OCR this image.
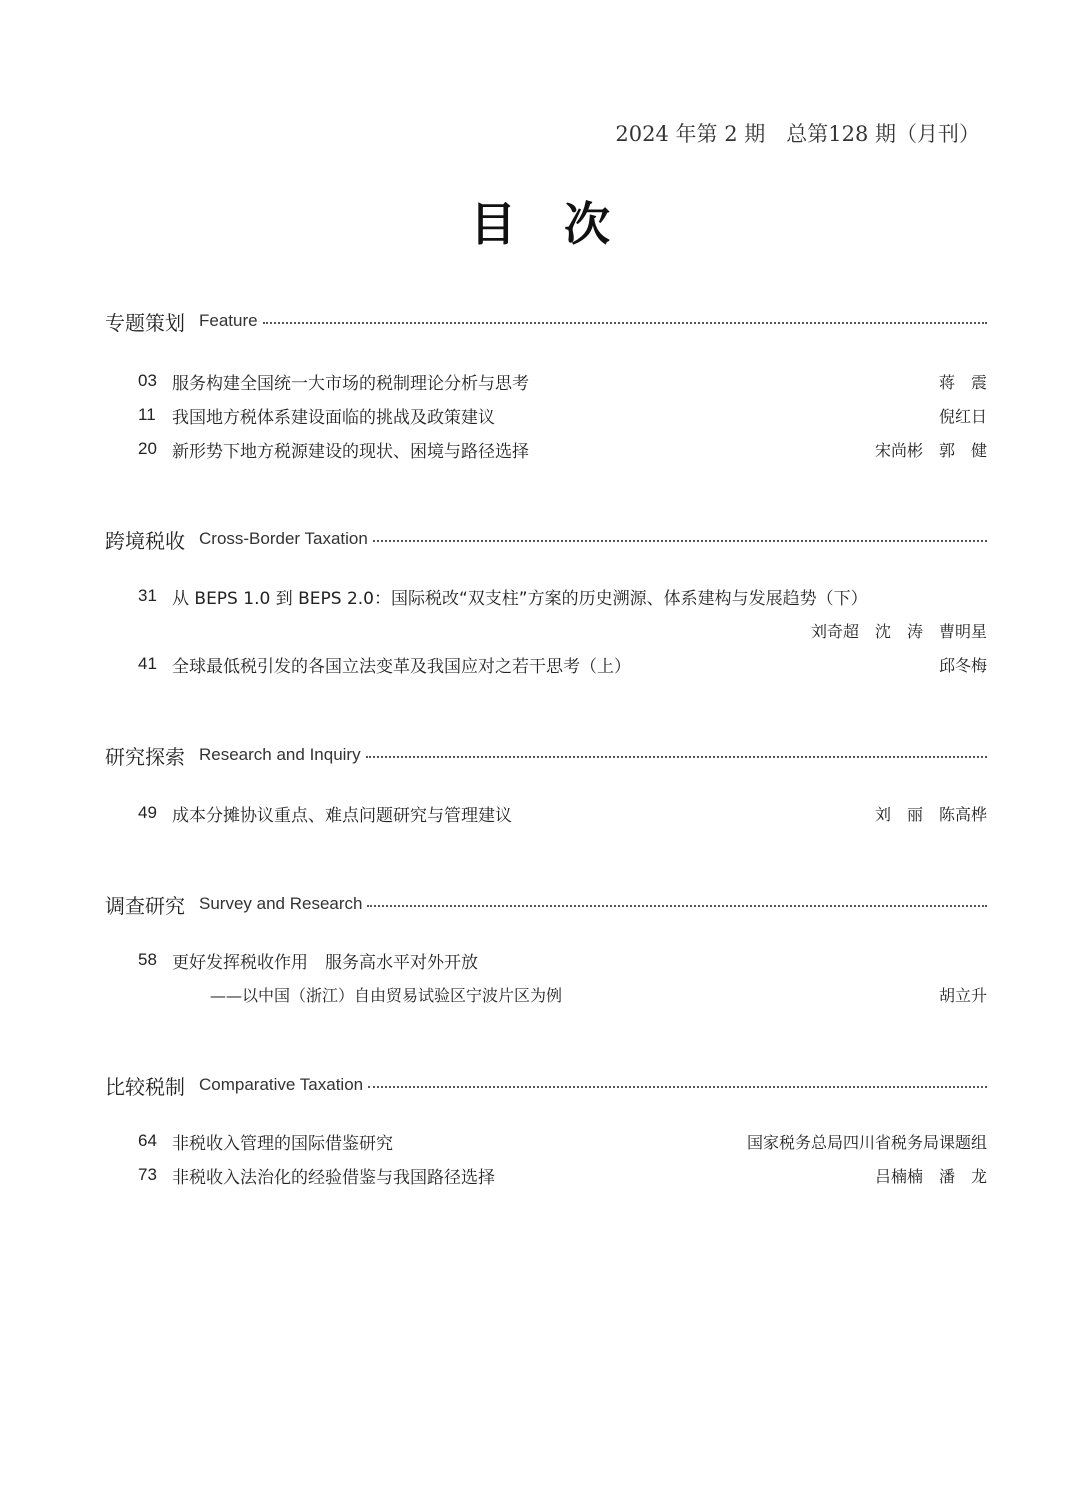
2024 年第 2 期　总第128 期（月刊）
目次
专题策划 Feature
03 服务构建全国统一大市场的税制理论分析与思考	蒋　震
11 我国地方税体系建设面临的挑战及政策建议	倪红日
20 新形势下地方税源建设的现状、困境与路径选择	宋尚彬　郭　健
跨境税收 Cross-Border Taxation
31 从 BEPS 1.0 到 BEPS 2.0：国际税改“双支柱”方案的历史溯源、体系建构与发展趋势（下）
刘奇超　沈　涛　曹明星
41 全球最低税引发的各国立法变革及我国应对之若干思考（上）	邱冬梅
研究探索 Research and Inquiry
49 成本分摊协议重点、难点问题研究与管理建议	刘　丽　陈高桦
调查研究 Survey and Research
58 更好发挥税收作用　服务高水平对外开放
——以中国（浙江）自由贸易试验区宁波片区为例	胡立升
比较税制 Comparative Taxation
64 非税收入管理的国际借鉴研究	国家税务总局四川省税务局课题组
73 非税收入法治化的经验借鉴与我国路径选择	吕楠楠　潘　龙
